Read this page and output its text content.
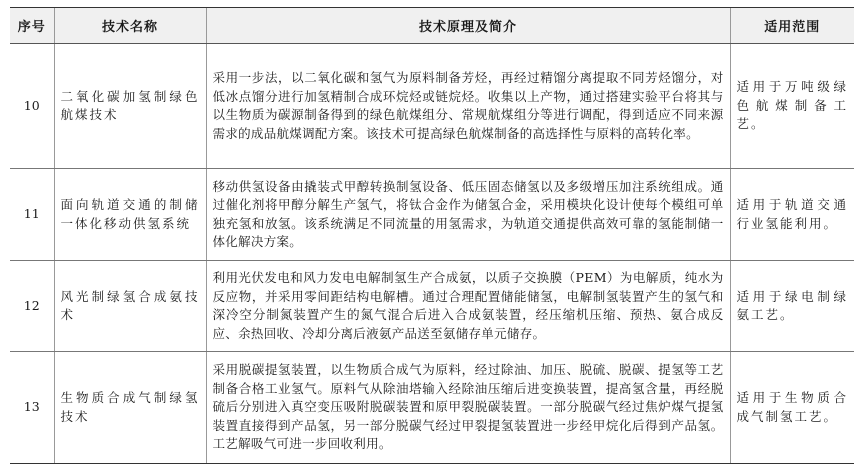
序号	技术名称	技术原理及简介	适用范围
10	二氧化碳加氢制绿色航煤技术	采用一步法，以二氧化碳和氢气为原料制备芳烃，再经过精馏分离提取不同芳烃馏分，对低冰点馏分进行加氢精制合成环烷烃或链烷烃。收集以上产物，通过搭建实验平台将其与以生物质为碳源制备得到的绿色航煤组分、常规航煤组分等进行调配，得到适应不同来源需求的成品航煤调配方案。该技术可提高绿色航煤制备的高选择性与原料的高转化率。	适用于万吨级绿色航煤制备工艺。
11	面向轨道交通的制储一体化移动供氢系统	移动供氢设备由撬装式甲醇转换制氢设备、低压固态储氢以及多级增压加注系统组成。通过催化剂将甲醇分解生产氢气，将钛合金作为储氢合金，采用模块化设计使每个模组可单独充氢和放氢。该系统满足不同流量的用氢需求，为轨道交通提供高效可靠的氢能制储一体化解决方案。	适用于轨道交通行业氢能利用。
12	风光制绿氢合成氨技术	利用光伏发电和风力发电电解制氢生产合成氨，以质子交换膜（PEM）为电解质，纯水为反应物，并采用零间距结构电解槽。通过合理配置储能储氢，电解制氢装置产生的氢气和深冷空分制氮装置产生的氮气混合后进入合成氨装置，经压缩机压缩、预热、氨合成反应、余热回收、冷却分离后液氨产品送至氨储存单元储存。	适用于绿电制绿氨工艺。
13	生物质合成气制绿氢技术	采用脱碳提氢装置，以生物质合成气为原料，经过除油、加压、脱硫、脱碳、提氢等工艺制备合格工业氢气。原料气从除油塔输入经除油压缩后进变换装置，提高氢含量，再经脱硫后分别进入真空变压吸附脱碳装置和原甲裂脱碳装置。一部分脱碳气经过焦炉煤气提氢装置直接得到产品氢，另一部分脱碳气经过甲裂提氢装置进一步经甲烷化后得到产品氢。工艺解吸气可进一步回收利用。	适用于生物质合成气制氢工艺。
